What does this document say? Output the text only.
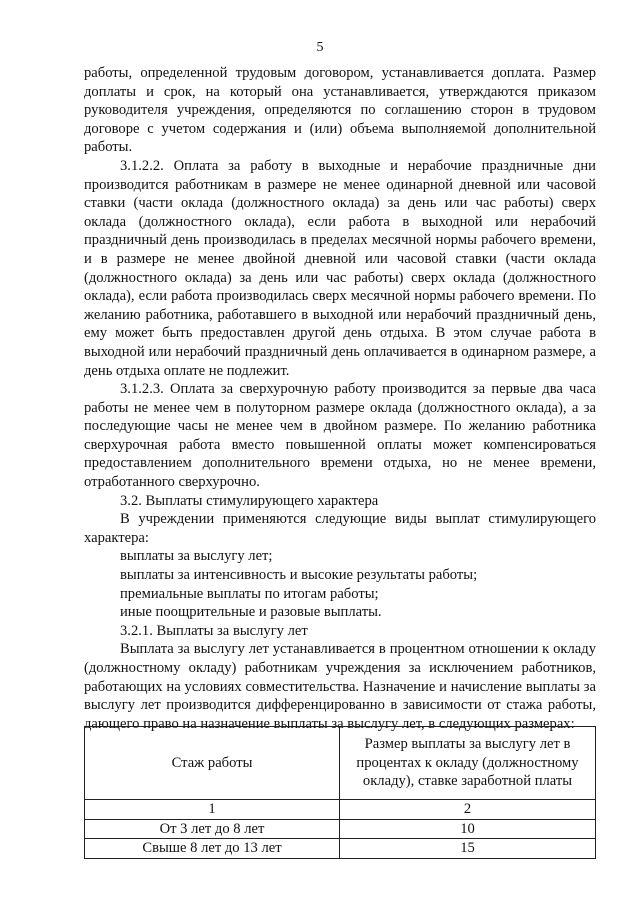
5

работы, определенной трудовым договором, устанавливается доплата. Размер доплаты и срок, на который она устанавливается, утверждаются приказом руководителя учреждения, определяются по соглашению сторон в трудовом договоре с учетом содержания и (или) объема выполняемой дополнительной работы.

3.1.2.2. Оплата за работу в выходные и нерабочие праздничные дни производится работникам в размере не менее одинарной дневной или часовой ставки (части оклада (должностного оклада) за день или час работы) сверх оклада (должностного оклада), если работа в выходной или нерабочий праздничный день производилась в пределах месячной нормы рабочего времени, и в размере не менее двойной дневной или часовой ставки (части оклада (должностного оклада) за день или час работы) сверх оклада (должностного оклада), если работа производилась сверх месячной нормы рабочего времени. По желанию работника, работавшего в выходной или нерабочий праздничный день, ему может быть предоставлен другой день отдыха. В этом случае работа в выходной или нерабочий праздничный день оплачивается в одинарном размере, а день отдыха оплате не подлежит.

3.1.2.3. Оплата за сверхурочную работу производится за первые два часа работы не менее чем в полуторном размере оклада (должностного оклада), а за последующие часы не менее чем в двойном размере. По желанию работника сверхурочная работа вместо повышенной оплаты может компенсироваться предоставлением дополнительного времени отдыха, но не менее времени, отработанного сверхурочно.

3.2. Выплаты стимулирующего характера

В учреждении применяются следующие виды выплат стимулирующего характера:

выплаты за выслугу лет;

выплаты за интенсивность и высокие результаты работы;

премиальные выплаты по итогам работы;

иные поощрительные и разовые выплаты.

3.2.1. Выплаты за выслугу лет

Выплата за выслугу лет устанавливается в процентном отношении к окладу (должностному окладу) работникам учреждения за исключением работников, работающих на условиях совместительства. Назначение и начисление выплаты за выслугу лет производится дифференцированно в зависимости от стажа работы, дающего право на назначение выплаты за выслугу лет, в следующих размерах:

Стаж работы	Размер выплаты за выслугу лет в процентах к окладу (должностному окладу), ставке заработной платы
1	2
От 3 лет до 8 лет	10
Свыше 8 лет до 13 лет	15
